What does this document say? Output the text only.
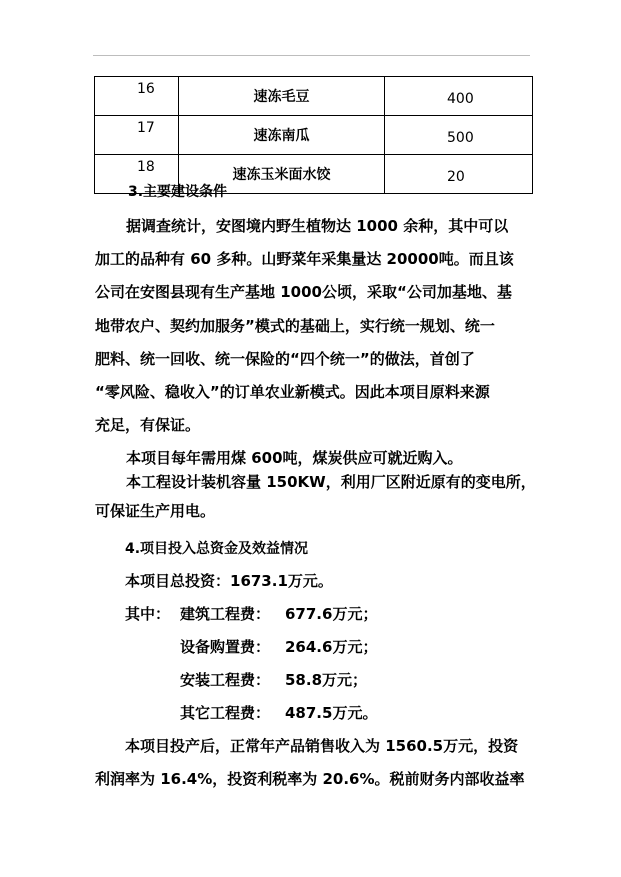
16	速冻毛豆	400
17	速冻南瓜	500
18	速冻玉米面水饺	20
3.主要建设条件
据调查统计，安图境内野生植物达 1000 余种，其中可以
加工的品种有 60 多种。山野菜年采集量达 20000吨。而且该
公司在安图县现有生产基地 1000公顷，采取“公司加基地、基
地带农户、契约加服务”模式的基础上，实行统一规划、统一
肥料、统一回收、统一保险的“四个统一”的做法，首创了
“零风险、稳收入”的订单农业新模式。因此本项目原料来源
充足，有保证。
本项目每年需用煤 600吨，煤炭供应可就近购入。
本工程设计装机容量 150KW，利用厂区附近原有的变电所，
可保证生产用电。
4.项目投入总资金及效益情况
本项目总投资：1673.1万元。
其中： 建筑工程费： 677.6万元；
设备购置费： 264.6万元；
安装工程费： 58.8万元；
其它工程费： 487.5万元。
本项目投产后，正常年产品销售收入为 1560.5万元，投资
利润率为 16.4%，投资利税率为 20.6%。税前财务内部收益率
